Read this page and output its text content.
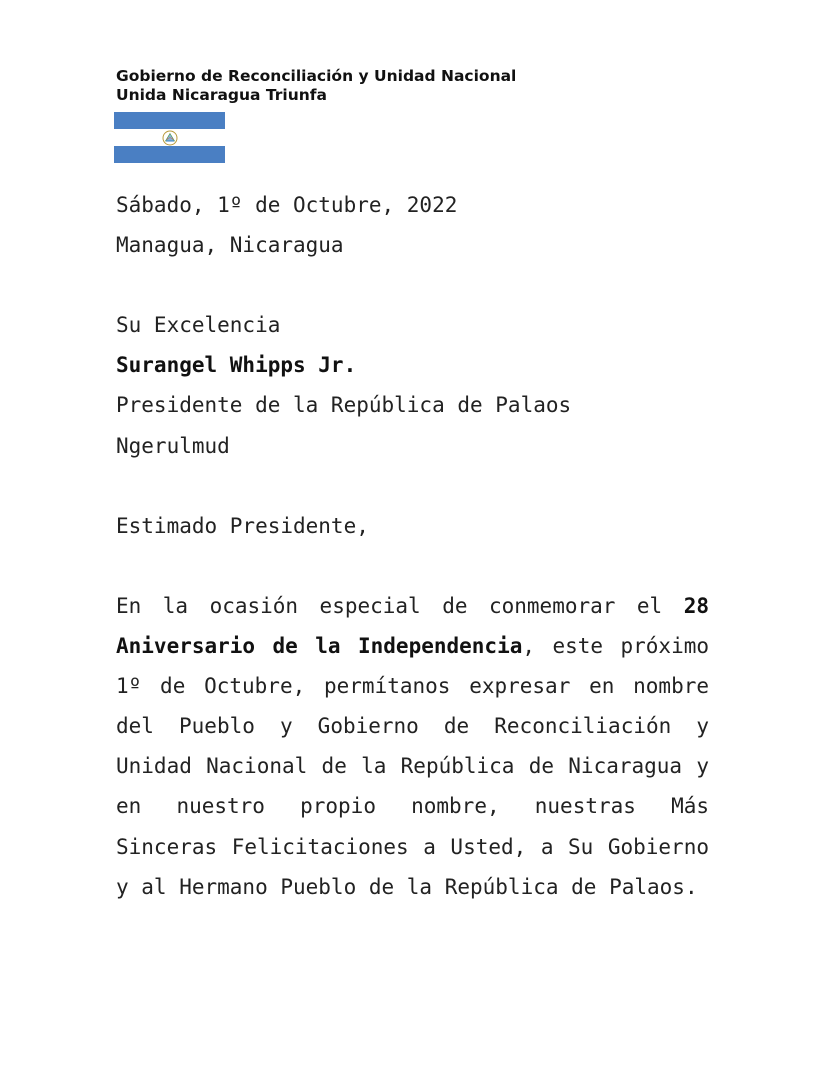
Gobierno de Reconciliación y Unidad Nacional
Unida Nicaragua Triunfa
Sábado, 1º de Octubre, 2022
Managua, Nicaragua
Su Excelencia
Surangel Whipps Jr.
Presidente de la República de Palaos
Ngerulmud
Estimado Presidente,
En la ocasión especial de conmemorar el 28 Aniversario de la Independencia, este próximo 1º de Octubre, permítanos expresar en nombre del Pueblo y Gobierno de Reconciliación y Unidad Nacional de la República de Nicaragua y en nuestro propio nombre, nuestras Más Sinceras Felicitaciones a Usted, a Su Gobierno y al Hermano Pueblo de la República de Palaos.
